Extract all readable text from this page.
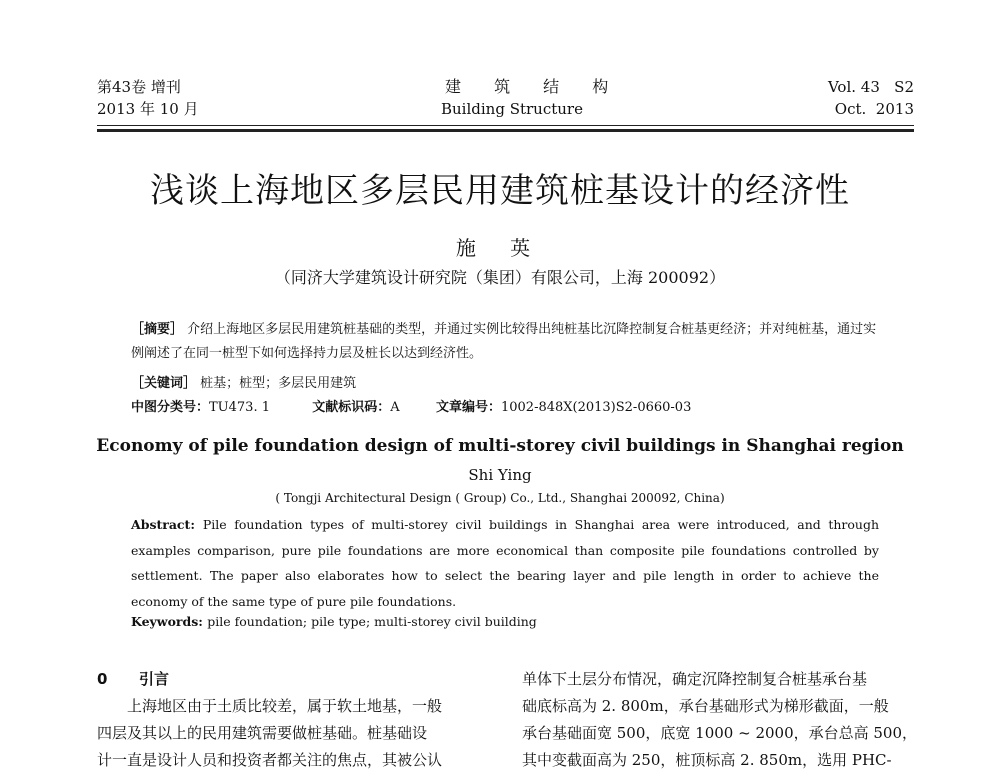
第43卷 增刊
2013 年 10 月
建 筑 结 构
Building Structure
Vol. 43   S2
Oct.  2013
浅谈上海地区多层民用建筑桩基设计的经济性
施 英
（同济大学建筑设计研究院（集团）有限公司，上海 200092）
［摘要］ 介绍上海地区多层民用建筑桩基础的类型，并通过实例比较得出纯桩基比沉降控制复合桩基更经济；并对纯桩基，通过实例阐述了在同一桩型下如何选择持力层及桩长以达到经济性。
［关键词］ 桩基；桩型；多层民用建筑
中图分类号：TU473. 1	文献标识码：A	文章编号：1002-848X(2013)S2-0660-03
Economy of pile foundation design of multi-storey civil buildings in Shanghai region
Shi Ying
( Tongji Architectural Design ( Group) Co., Ltd., Shanghai 200092, China)
Abstract: Pile foundation types of multi-storey civil buildings in Shanghai area were introduced, and through examples comparison, pure pile foundations are more economical than composite pile foundations controlled by settlement. The paper also elaborates how to select the bearing layer and pile length in order to achieve the economy of the same type of pure pile foundations.
Keywords: pile foundation; pile type; multi-storey civil building
0 引言
上海地区由于土质比较差，属于软土地基，一般
四层及其以上的民用建筑需要做桩基础。桩基础设
计一直是设计人员和投资者都关注的焦点，其被公认
单体下土层分布情况，确定沉降控制复合桩基承台基
础底标高为 2. 800m，承台基础形式为梯形截面，一般
承台基础面宽 500，底宽 1000 ~ 2000，承台总高 500，
其中变截面高为 250，桩顶标高 2. 850m，选用 PHC-
